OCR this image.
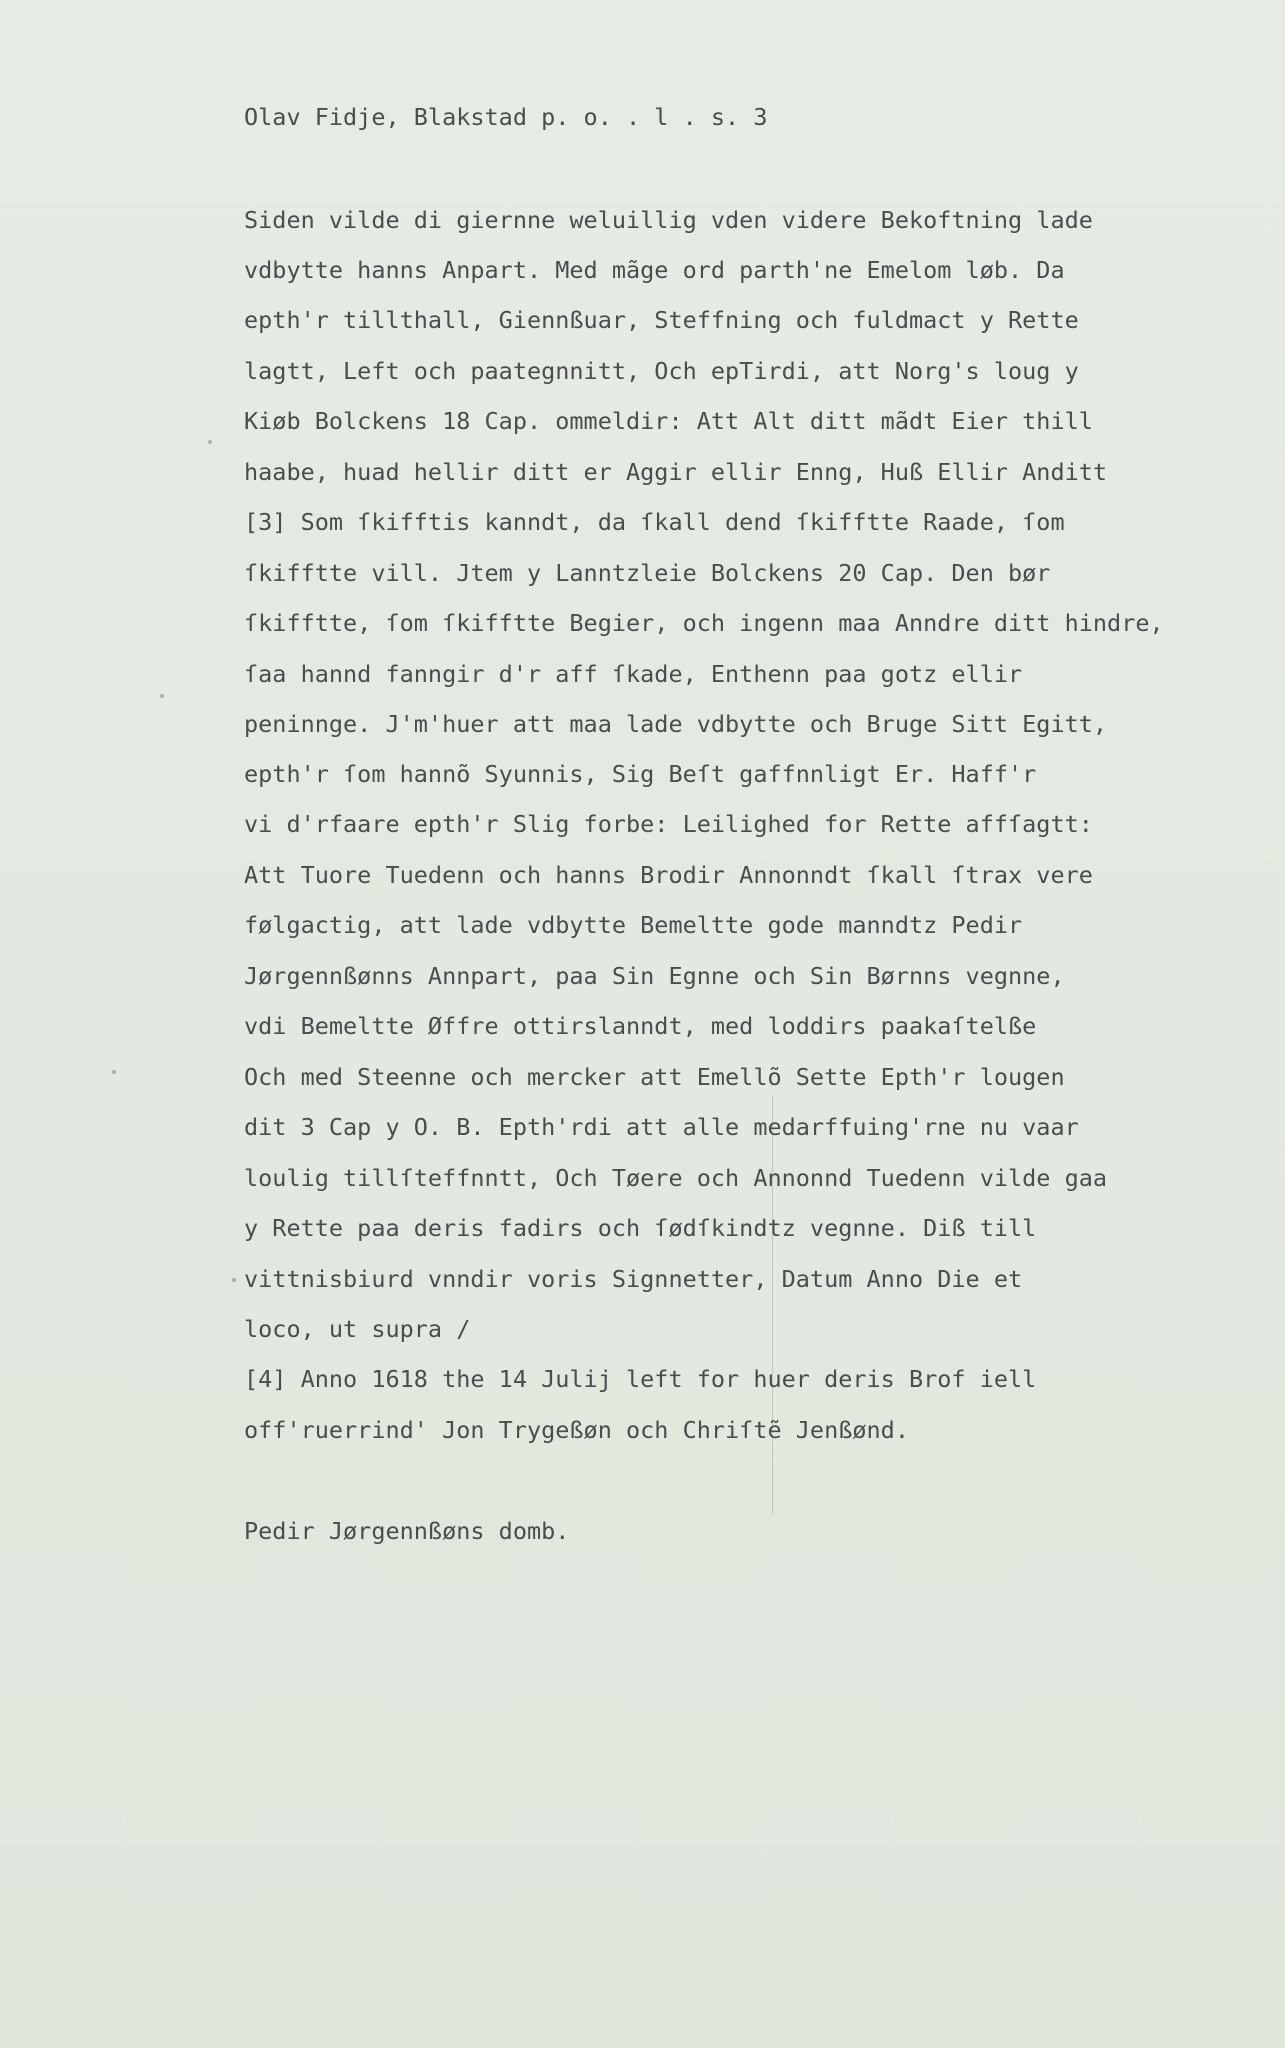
Olav Fidje, Blakstad p. o. . l . s. 3
Siden vilde di giernne weluillig vden videre Bekoftning lade
vdbytte hanns Anpart. Med mãge ord parth'ne Emelom løb. Da
epth'r tillthall, Giennßuar, Steffning och fuldmact y Rette
lagtt, Left och paategnnitt, Och epTirdi, att Norg's loug y
Kiøb Bolckens 18 Cap. ommeldir: Att Alt ditt mãdt Eier thill
haabe, huad hellir ditt er Aggir ellir Enng, Huß Ellir Anditt
[3] Som ſkifftis kanndt, da ſkall dend ſkifftte Raade, ſom
ſkifftte vill. Jtem y Lanntzleie Bolckens 20 Cap. Den bør
ſkifftte, ſom ſkifftte Begier, och ingenn maa Anndre ditt hindre,
ſaa hannd fanngir d'r aff ſkade, Enthenn paa gotz ellir
peninnge. J'm'huer att maa lade vdbytte och Bruge Sitt Egitt,
epth'r ſom hannõ Syunnis, Sig Beſt gaffnnligt Er. Haff'r
vi d'rfaare epth'r Slig forbe: Leilighed for Rette affſagtt:
Att Tuore Tuedenn och hanns Brodir Annonndt ſkall ſtrax vere
følgactig, att lade vdbytte Bemeltte gode manndtz Pedir
Jørgennßønns Annpart, paa Sin Egnne och Sin Børnns vegnne,
vdi Bemeltte Øffre ottirslanndt, med loddirs paakaſtelße
Och med Steenne och mercker att Emellõ Sette Epth'r lougen
dit 3 Cap y O. B. Epth'rdi att alle medarffuing'rne nu vaar
loulig tillſteffnntt, Och Tøere och Annonnd Tuedenn vilde gaa
y Rette paa deris fadirs och ſødſkindtz vegnne. Diß till
vittnisbiurd vnndir voris Signnetter, Datum Anno Die et
loco, ut supra /
[4] Anno 1618 the 14 Julij left for huer deris Brof iell
off'ruerrind' Jon Trygeßøn och Chriſtẽ Jenßønd.
Pedir Jørgennßøns domb.
